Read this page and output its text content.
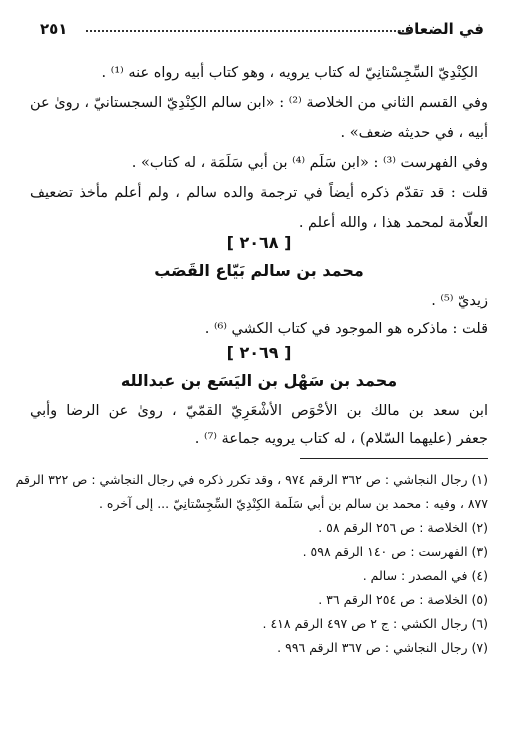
في الضعاف
٢٥١
الكِنْدِيّ السِّجِسْتانِيّ له كتاب يرويه ، وهو كتاب أبيه رواه عنه ⁽¹⁾ .
وفي القسم الثاني من الخلاصة ⁽²⁾ : «ابن سالم الكِنْدِيّ السجستانيّ ، روىٰ عن
أبيه ، في حديثه ضعف» .
وفي الفهرست ⁽³⁾ : «ابن سَلَم ⁽⁴⁾ بن أبي سَلَمَة ، له كتاب» .
قلت : قد تقدّم ذكره أيضاً في ترجمة والده سالم ، ولم أعلم مأخذ تضعيف
العلّامة لمحمد هذا ، والله أعلم .
[ ٢٠٦٨ ]
محمد بن سالم بَيّاع القَصَب
زيديّ ⁽⁵⁾ .
قلت : ماذكره هو الموجود في كتاب الكشي ⁽⁶⁾ .
[ ٢٠٦٩ ]
محمد بن سَهْل بن اليَسَع بن عبدالله
ابن سعد بن مالك بن الأحْوَص الأشْعَرِيّ القمّيّ ، روىٰ عن الرضا وأبي
جعفر (عليهما السّلام) ، له كتاب يرويه جماعة ⁽⁷⁾ .
(١) رجال النجاشي : ص ٣٦٢ الرقم ٩٧٤ ، وقد تكرر ذكره في رجال النجاشي : ص ٣٢٢ الرقم
٨٧٧ ، وفيه : محمد بن سالم بن أبي سَلَمة الكِنْدِيّ السِّجِسْتانِيّ ... إلى آخره .
(٢) الخلاصة : ص ٢٥٦ الرقم ٥٨ .
(٣) الفهرست : ص ١٤٠ الرقم ٥٩٨ .
(٤) في المصدر : سالم .
(٥) الخلاصة : ص ٢٥٤ الرقم ٣٦ .
(٦) رجال الكشي : ج ٢ ص ٤٩٧ الرقم ٤١٨ .
(٧) رجال النجاشي : ص ٣٦٧ الرقم ٩٩٦ .
